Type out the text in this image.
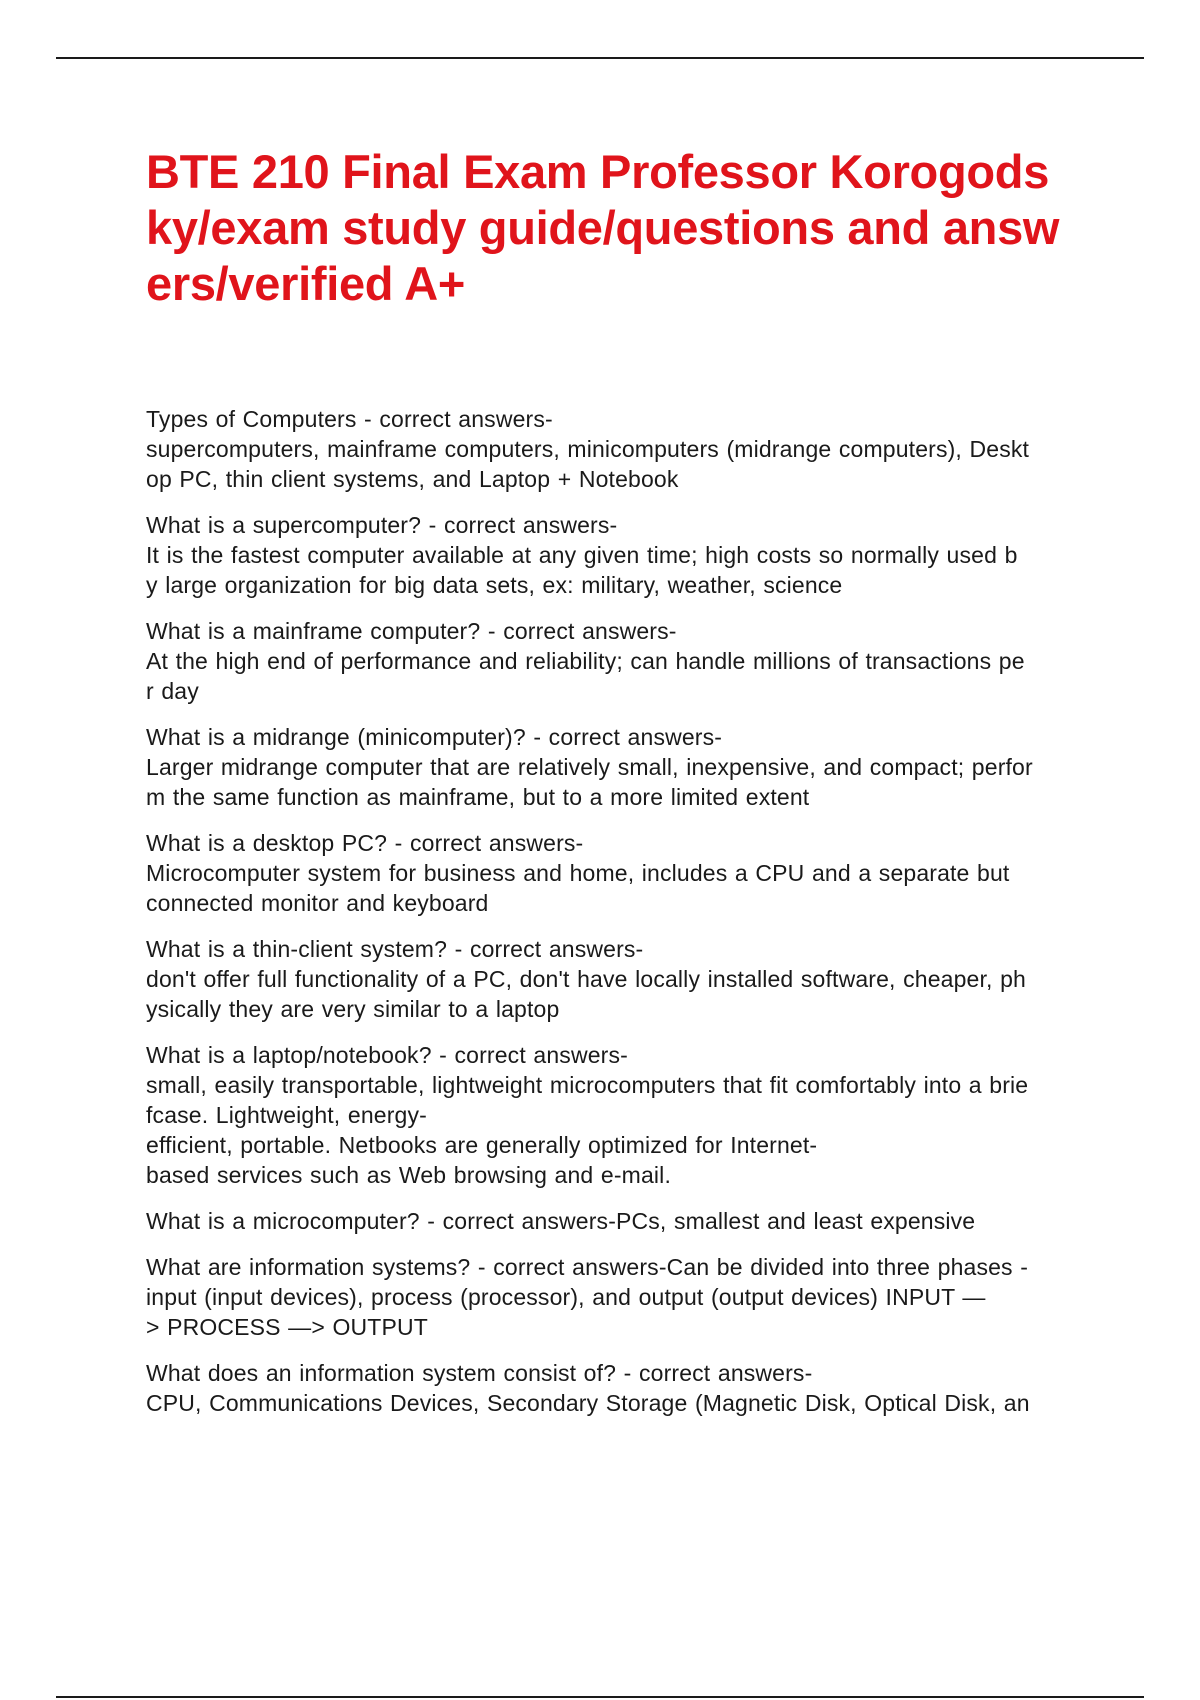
BTE 210 Final Exam Professor Korogods
ky/exam study guide/questions and answ
ers/verified A+
Types of Computers - correct answers-
supercomputers, mainframe computers, minicomputers (midrange computers), Deskt
op PC, thin client systems, and Laptop + Notebook
What is a supercomputer? - correct answers-
It is the fastest computer available at any given time; high costs so normally used b
y large organization for big data sets, ex: military, weather, science
What is a mainframe computer? - correct answers-
At the high end of performance and reliability; can handle millions of transactions pe
r day
What is a midrange (minicomputer)? - correct answers-
Larger midrange computer that are relatively small, inexpensive, and compact; perfor
m the same function as mainframe, but to a more limited extent
What is a desktop PC? - correct answers-
Microcomputer system for business and home, includes a CPU and a separate but
connected monitor and keyboard
What is a thin-client system? - correct answers-
don't offer full functionality of a PC, don't have locally installed software, cheaper, ph
ysically they are very similar to a laptop
What is a laptop/notebook? - correct answers-
small, easily transportable, lightweight microcomputers that fit comfortably into a brie
fcase. Lightweight, energy-
efficient, portable. Netbooks are generally optimized for Internet-
based services such as Web browsing and e-mail.
What is a microcomputer? - correct answers-PCs, smallest and least expensive
What are information systems? - correct answers-Can be divided into three phases -
input (input devices), process (processor), and output (output devices) INPUT —
> PROCESS —> OUTPUT
What does an information system consist of? - correct answers-
CPU, Communications Devices, Secondary Storage (Magnetic Disk, Optical Disk, an
